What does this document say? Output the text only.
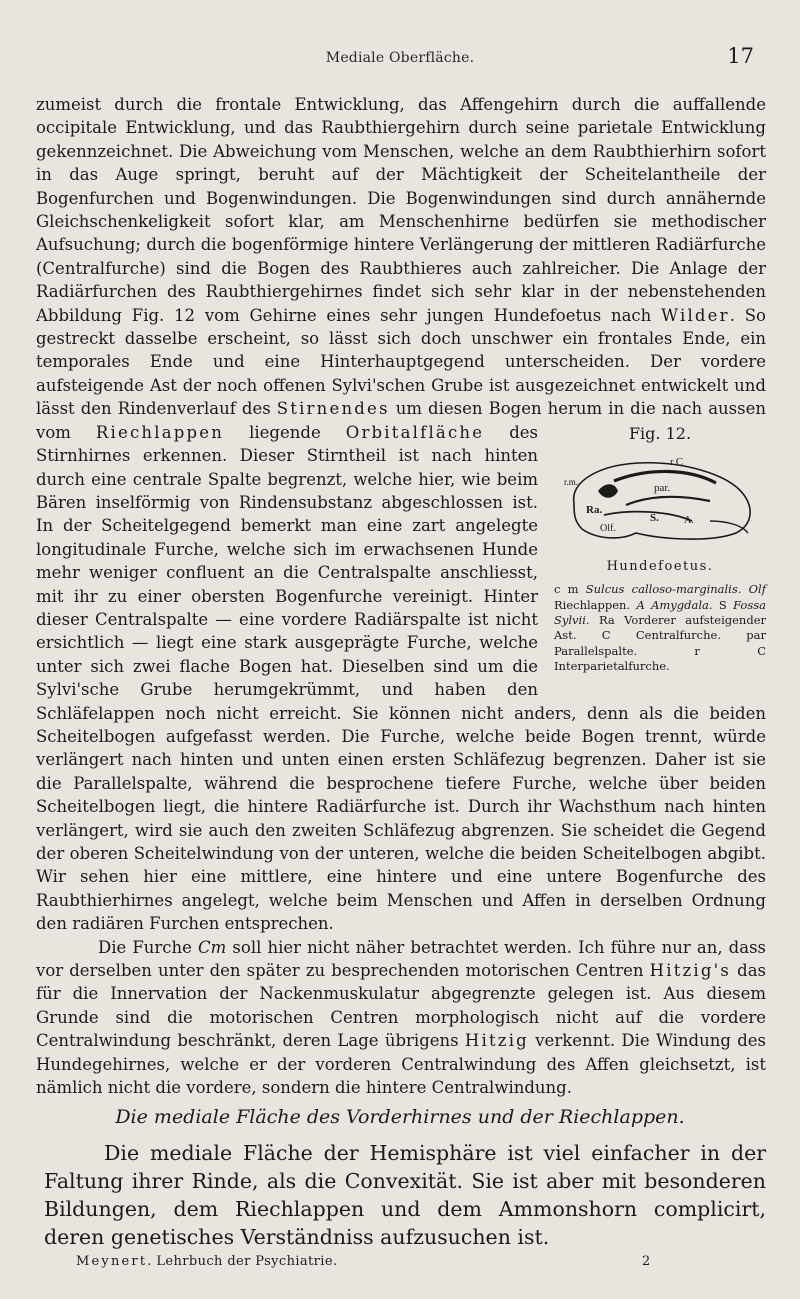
Mediale Oberfläche.	17

zumeist durch die frontale Entwicklung, das Affengehirn durch die auffallende occipitale Entwicklung, und das Raubthiergehirn durch seine parietale Entwicklung gekennzeichnet. Die Abweichung vom Menschen, welche an dem Raubthierhirn sofort in das Auge springt, beruht auf der Mächtigkeit der Scheitelantheile der Bogenfurchen und Bogenwindungen. Die Bogenwindungen sind durch annähernde Gleichschenkeligkeit sofort klar, am Menschenhirne bedürfen sie methodischer Aufsuchung; durch die bogenförmige hintere Verlängerung der mittleren Radiärfurche (Centralfurche) sind die Bogen des Raubthieres auch zahlreicher. Die Anlage der Radiärfurchen des Raubthiergehirnes findet sich sehr klar in der nebenstehenden Abbildung Fig. 12 vom Gehirne eines sehr jungen Hundefoetus nach Wilder. So gestreckt dasselbe erscheint, so lässt sich doch unschwer ein frontales Ende, ein temporales Ende und eine Hinterhauptgegend unterscheiden. Der vordere aufsteigende Ast der noch offenen Sylvi'schen Grube ist ausgezeichnet entwickelt und lässt den Rindenverlauf des Stirnendes um diesen Bogen herum in die nach aussen vom Riechlappen liegende Orbitalfläche	Fig. 12.
r.m.
r.C
par.
Ra.
S.	A.
Olf.
Hundefoetus.
c m Sulcus calloso-marginalis. Olf Riechlappen. A Amygdala. S Fossa Sylvii. Ra Vorderer aufsteigender Ast. C Centralfurche. par Parallelspalte. r C Interparietalfurche.
des Stirnhirnes erkennen. Dieser Stirntheil ist nach hinten durch eine centrale Spalte begrenzt, welche hier, wie beim Bären inselförmig von Rindensubstanz abgeschlossen ist. In der Scheitelgegend bemerkt man eine zart angelegte longitudinale Furche, welche sich im erwachsenen Hunde mehr weniger confluent an die Centralspalte anschliesst, mit ihr zu einer obersten Bogenfurche vereinigt. Hinter dieser Centralspalte — eine vordere Radiärspalte ist nicht ersichtlich — liegt eine stark ausgeprägte Furche, welche unter sich zwei flache Bogen hat. Dieselben sind um die Sylvi'sche Grube herumgekrümmt, und haben den Schläfelappen noch nicht erreicht. Sie können nicht anders, denn als die beiden Scheitelbogen aufgefasst werden. Die Furche, welche beide Bogen trennt, würde verlängert nach hinten und unten einen ersten Schläfezug begrenzen. Daher ist sie die Parallelspalte, während die besprochene tiefere Furche, welche über beiden Scheitelbogen liegt, die hintere Radiärfurche ist. Durch ihr Wachsthum nach hinten verlängert, wird sie auch den zweiten Schläfezug abgrenzen. Sie scheidet die Gegend der oberen Scheitelwindung von der unteren, welche die beiden Scheitelbogen abgibt. Wir sehen hier eine mittlere, eine hintere und eine untere Bogenfurche des Raubthierhirnes angelegt, welche beim Menschen und Affen in derselben Ordnung den radiären Furchen entsprechen.

Die Furche Cm soll hier nicht näher betrachtet werden. Ich führe nur an, dass vor derselben unter den später zu besprechenden motorischen Centren Hitzig's das für die Innervation der Nackenmuskulatur abgegrenzte gelegen ist. Aus diesem Grunde sind die motorischen Centren morphologisch nicht auf die vordere Centralwindung beschränkt, deren Lage übrigens Hitzig verkennt. Die Windung des Hundegehirnes, welche er der vorderen Centralwindung des Affen gleichsetzt, ist nämlich nicht die vordere, sondern die hintere Centralwindung.

Die mediale Fläche des Vorderhirnes und der Riechlappen.

Die mediale Fläche der Hemisphäre ist viel einfacher in der Faltung ihrer Rinde, als die Convexität. Sie ist aber mit besonderen Bildungen, dem Riechlappen und dem Ammonshorn complicirt, deren genetisches Verständniss aufzusuchen ist.

Meynert. Lehrbuch der Psychiatrie.	2
